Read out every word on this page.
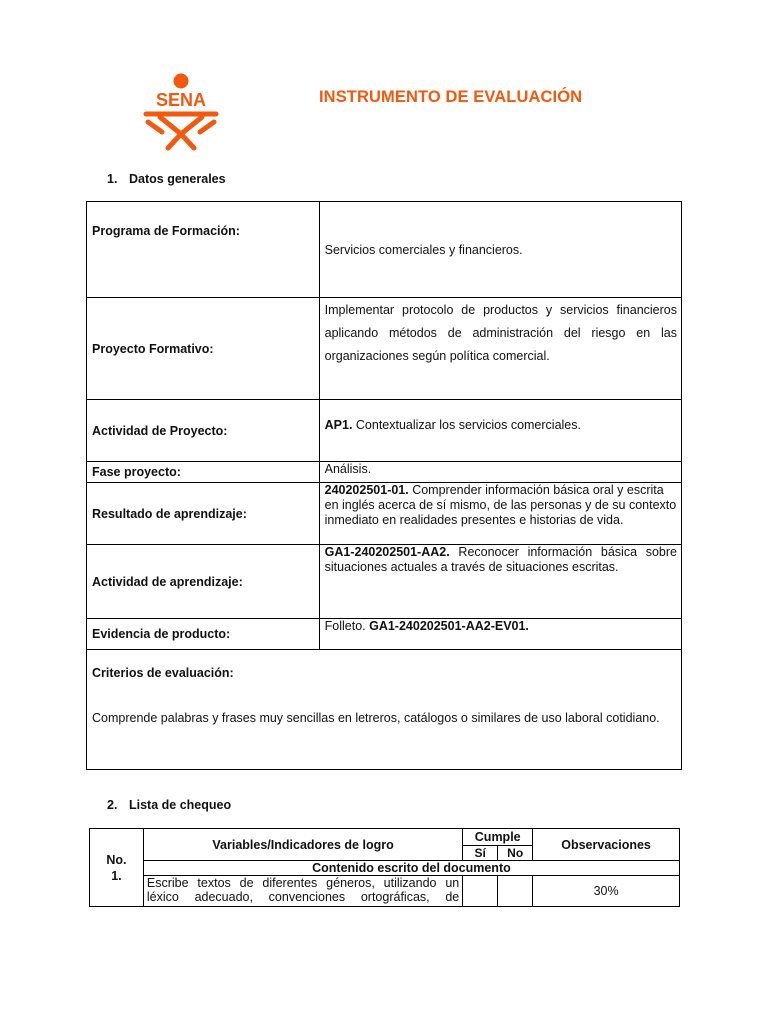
SENA	INSTRUMENTO DE EVALUACIÓN
1. Datos generales
Programa de Formación:	Servicios comerciales y financieros.
Proyecto Formativo:	Implementar protocolo de productos y servicios financieros aplicando métodos de administración del riesgo en las organizaciones según política comercial.
Actividad de Proyecto:	AP1. Contextualizar los servicios comerciales.
Fase proyecto:	Análisis.
Resultado de aprendizaje:	240202501-01. Comprender información básica oral y escrita en inglés acerca de sí mismo, de las personas y de su contexto inmediato en realidades presentes e historias de vida.
Actividad de aprendizaje:	GA1-240202501-AA2. Reconocer información básica sobre situaciones actuales a través de situaciones escritas.
Evidencia de producto:	Folleto. GA1-240202501-AA2-EV01.

Criterios de evaluación:
Comprende palabras y frases muy sencillas en letreros, catálogos o similares de uso laboral cotidiano.	
2. Lista de chequeo
No.
1.	Variables/Indicadores de logro	Cumple		Observaciones
		Sí	No	
	Contenido escrito del documento			
	Escribe textos de diferentes géneros, utilizando un léxico adecuado, convenciones ortográficas, de			30%
